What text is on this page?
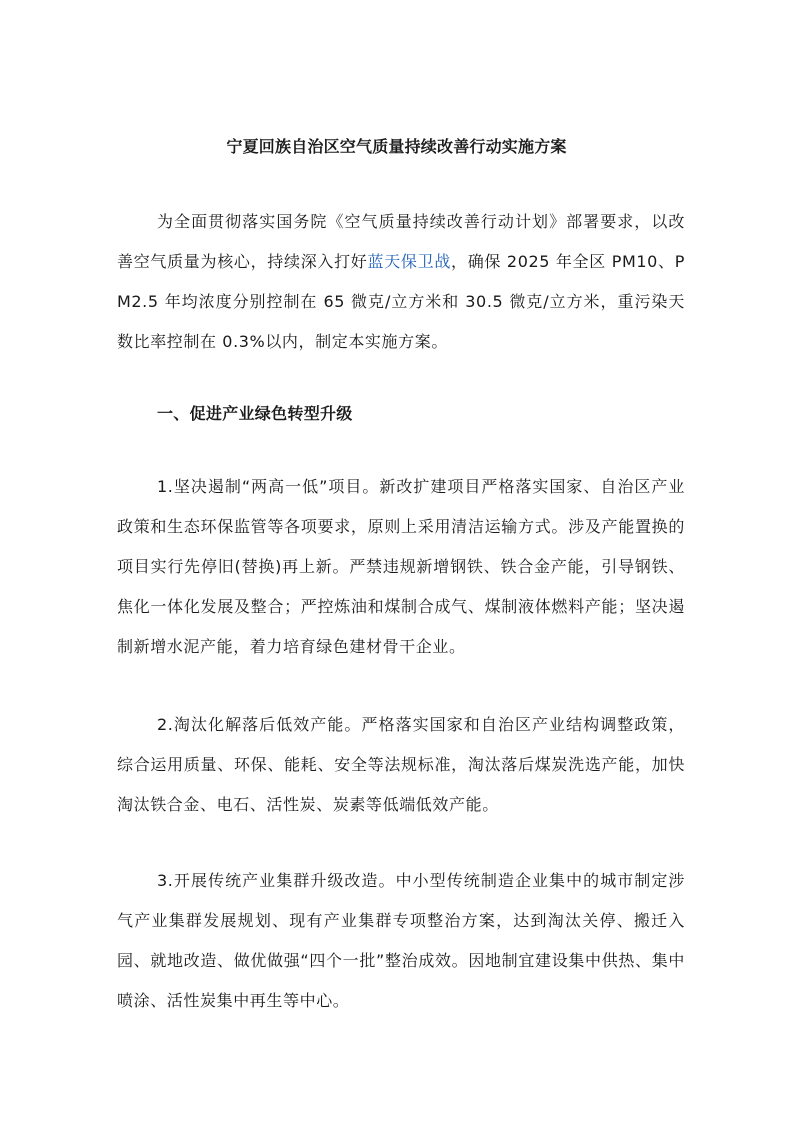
宁夏回族自治区空气质量持续改善行动实施方案
为全面贯彻落实国务院《空气质量持续改善行动计划》部署要求，以改善空气质量为核心，持续深入打好蓝天保卫战，确保 2025 年全区 PM10、PM2.5 年均浓度分别控制在 65 微克/立方米和 30.5 微克/立方米，重污染天数比率控制在 0.3%以内，制定本实施方案。
一、促进产业绿色转型升级
1.坚决遏制“两高一低”项目。新改扩建项目严格落实国家、自治区产业政策和生态环保监管等各项要求，原则上采用清洁运输方式。涉及产能置换的项目实行先停旧(替换)再上新。严禁违规新增钢铁、铁合金产能，引导钢铁、焦化一体化发展及整合；严控炼油和煤制合成气、煤制液体燃料产能；坚决遏制新增水泥产能，着力培育绿色建材骨干企业。
2.淘汰化解落后低效产能。严格落实国家和自治区产业结构调整政策，综合运用质量、环保、能耗、安全等法规标准，淘汰落后煤炭洗选产能，加快淘汰铁合金、电石、活性炭、炭素等低端低效产能。
3.开展传统产业集群升级改造。中小型传统制造企业集中的城市制定涉气产业集群发展规划、现有产业集群专项整治方案，达到淘汰关停、搬迁入园、就地改造、做优做强“四个一批”整治成效。因地制宜建设集中供热、集中喷涂、活性炭集中再生等中心。
